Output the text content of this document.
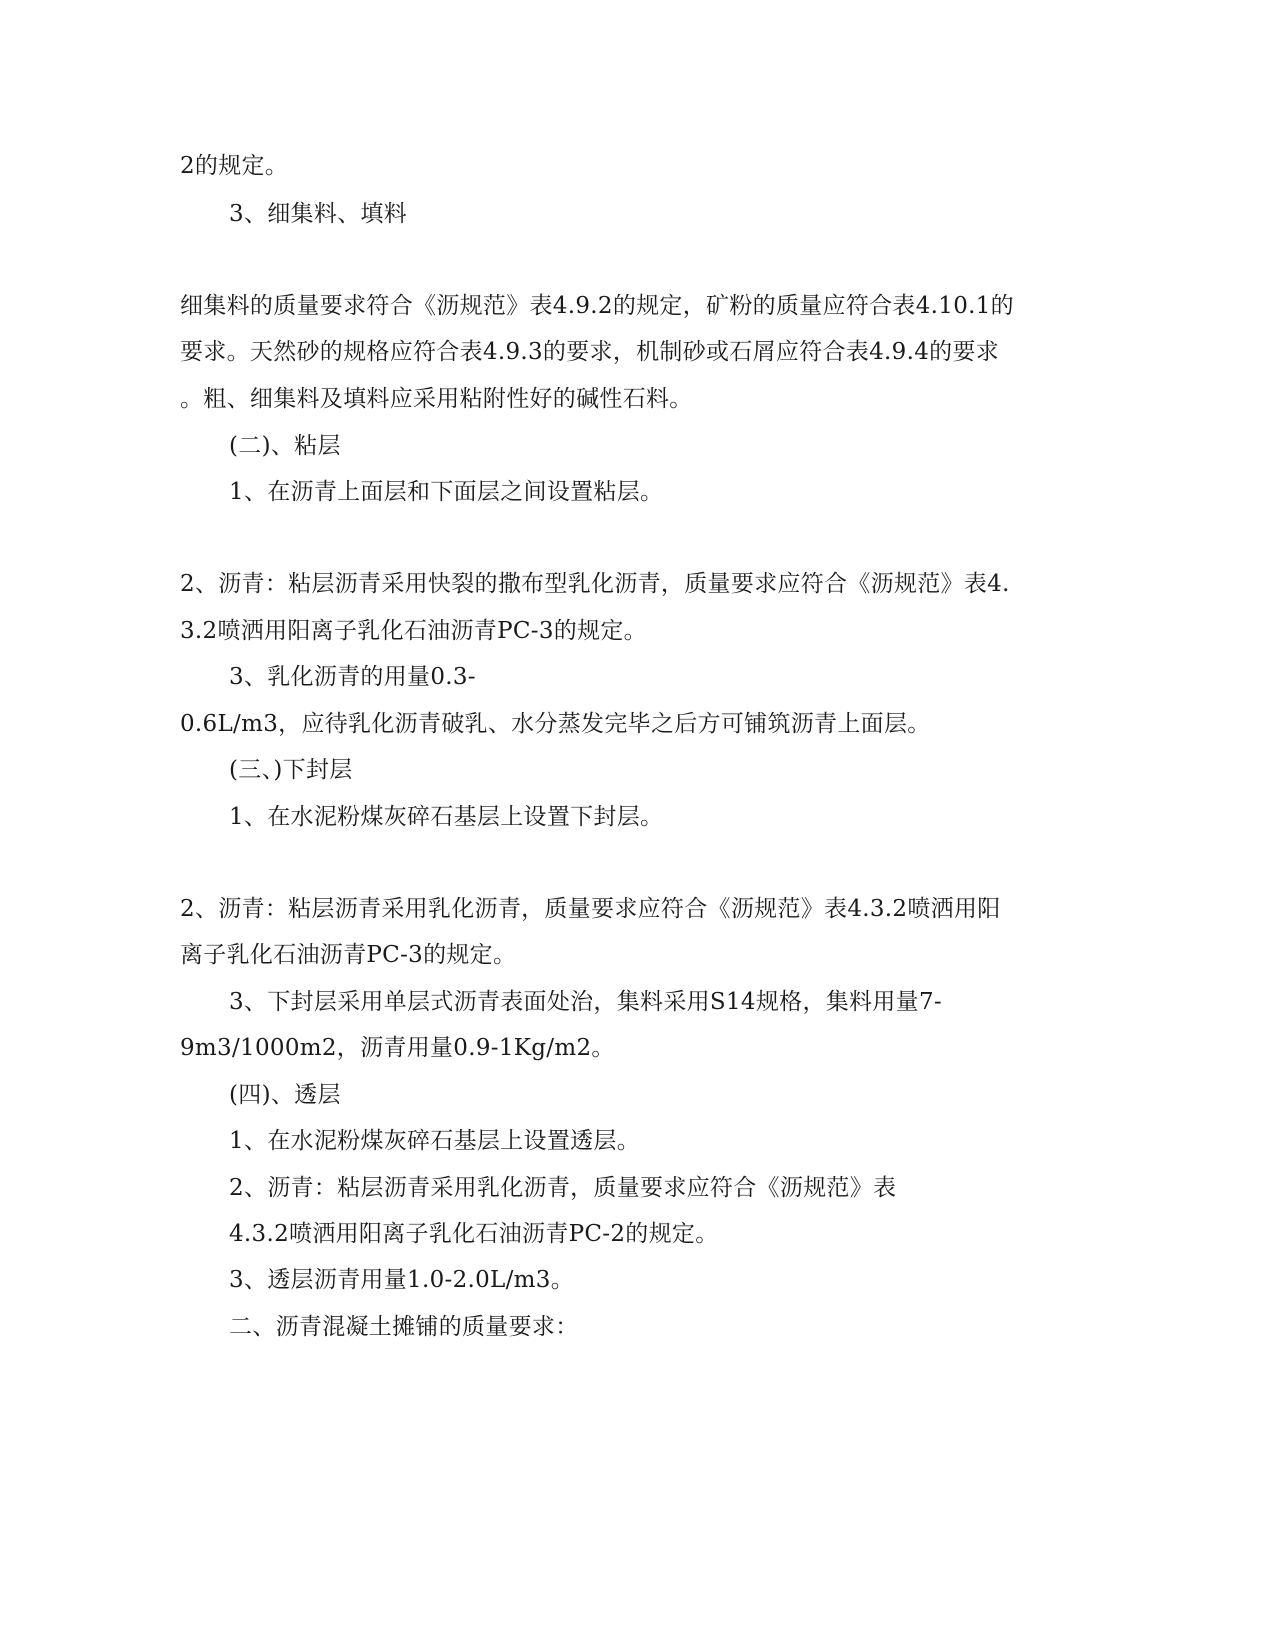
2的规定。
3、细集料、填料
细集料的质量要求符合《沥规范》表4.9.2的规定，矿粉的质量应符合表4.10.1的
要求。天然砂的规格应符合表4.9.3的要求，机制砂或石屑应符合表4.9.4的要求
。粗、细集料及填料应采用粘附性好的碱性石料。
(二)、粘层
1、在沥青上面层和下面层之间设置粘层。
2、沥青：粘层沥青采用快裂的撒布型乳化沥青，质量要求应符合《沥规范》表4.
3.2喷洒用阳离子乳化石油沥青PC-3的规定。
3、乳化沥青的用量0.3-
0.6L/m3，应待乳化沥青破乳、水分蒸发完毕之后方可铺筑沥青上面层。
(三、)下封层
1、在水泥粉煤灰碎石基层上设置下封层。
2、沥青：粘层沥青采用乳化沥青，质量要求应符合《沥规范》表4.3.2喷洒用阳
离子乳化石油沥青PC-3的规定。
3、下封层采用单层式沥青表面处治，集料采用S14规格，集料用量7-
9m3/1000m2，沥青用量0.9-1Kg/m2。
(四)、透层
1、在水泥粉煤灰碎石基层上设置透层。
2、沥青：粘层沥青采用乳化沥青，质量要求应符合《沥规范》表
4.3.2喷洒用阳离子乳化石油沥青PC-2的规定。
3、透层沥青用量1.0-2.0L/m3。
二、沥青混凝土摊铺的质量要求：
